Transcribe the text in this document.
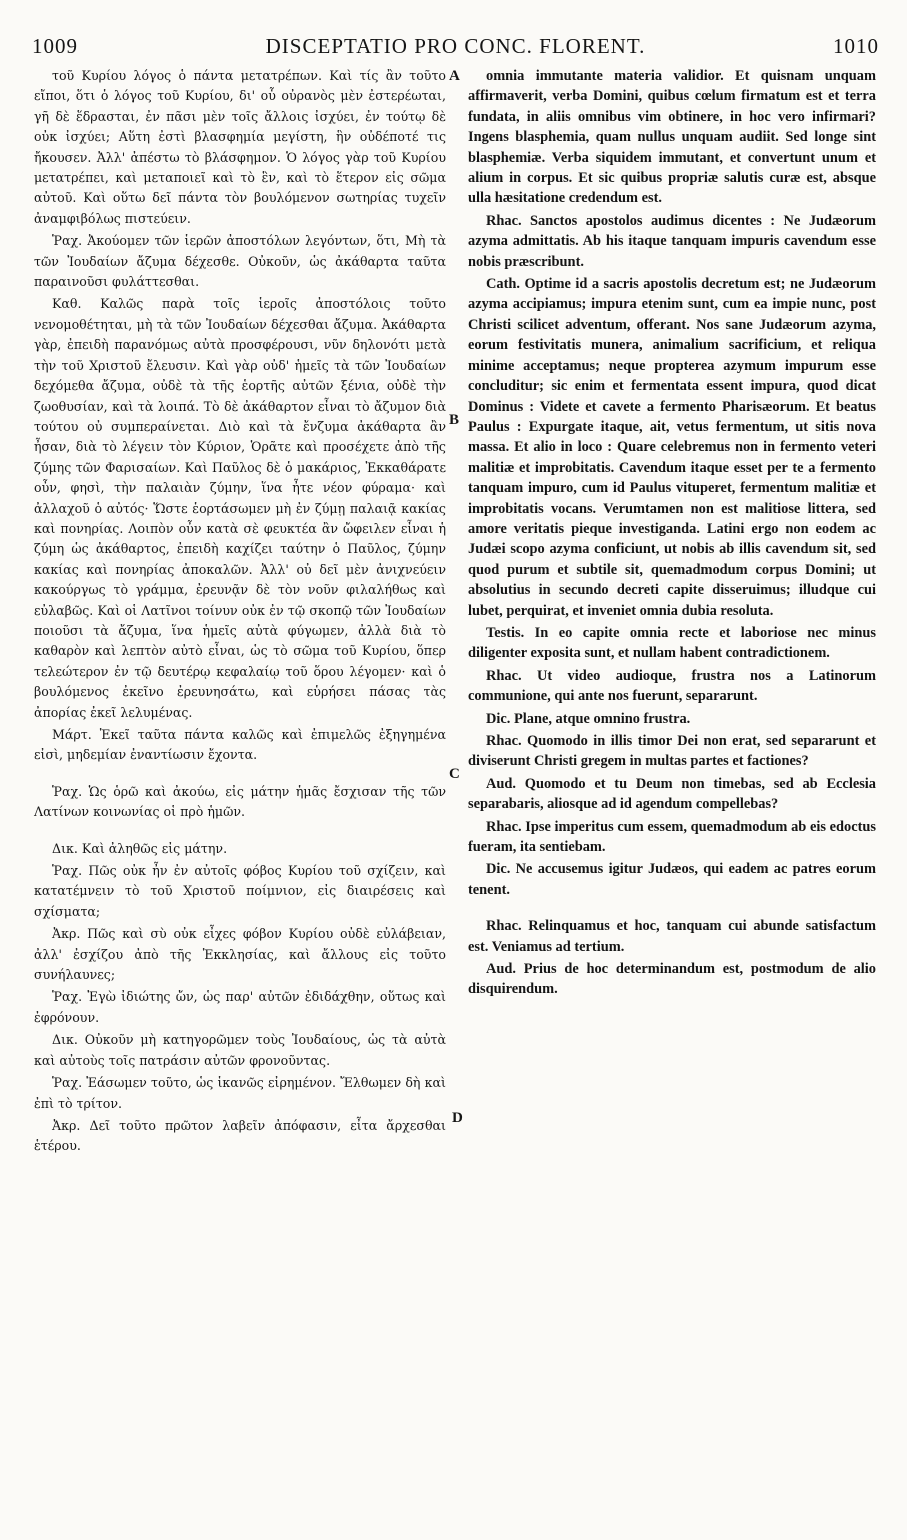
1009	DISCEPTATIO PRO CONC. FLORENT.	1010
A
B
C
D

τοῦ Κυρίου λόγος ὁ πάντα μετατρέπων. Καὶ τίς ἂν τοῦτο εἴποι, ὅτι ὁ λόγος τοῦ Κυρίου, δι' οὗ οὐρανὸς μὲν ἐστερέωται, γῆ δὲ ἕδρασται, ἐν πᾶσι μὲν τοῖς ἄλλοις ἰσχύει, ἐν τούτῳ δὲ οὐκ ἰσχύει; Αὕτη ἐστὶ βλασφημία μεγίστη, ἣν οὐδέποτέ τις ἤκουσεν. Ἀλλ' ἀπέστω τὸ βλάσφημον. Ὁ λόγος γὰρ τοῦ Κυρίου μετατρέπει, καὶ μεταποιεῖ καὶ τὸ ἓν, καὶ τὸ ἕτερον εἰς σῶμα αὐτοῦ. Καὶ οὕτω δεῖ πάντα τὸν βουλόμενον σωτηρίας τυχεῖν ἀναμφιβόλως πιστεύειν.

Ῥαχ. Ἀκούομεν τῶν ἱερῶν ἀποστόλων λεγόντων, ὅτι, Μὴ τὰ τῶν Ἰουδαίων ἄζυμα δέχεσθε. Οὐκοῦν, ὡς ἀκάθαρτα ταῦτα παραινοῦσι φυλάττεσθαι.

Καθ. Καλῶς παρὰ τοῖς ἱεροῖς ἀποστόλοις τοῦτο νενομοθέτηται, μὴ τὰ τῶν Ἰουδαίων δέχεσθαι ἄζυμα. Ἀκάθαρτα γὰρ, ἐπειδὴ παρανόμως αὐτὰ προσφέρουσι, νῦν δηλονότι μετὰ τὴν τοῦ Χριστοῦ ἔλευσιν. Καὶ γὰρ οὐδ' ἡμεῖς τὰ τῶν Ἰουδαίων δεχόμεθα ἄζυμα, οὐδὲ τὰ τῆς ἑορτῆς αὐτῶν ξένια, οὐδὲ τὴν ζωοθυσίαν, καὶ τὰ λοιπά. Τὸ δὲ ἀκάθαρτον εἶναι τὸ ἄζυμον διὰ τούτου οὐ συμπεραίνεται. Διὸ καὶ τὰ ἔνζυμα ἀκάθαρτα ἂν ἦσαν, διὰ τὸ λέγειν τὸν Κύριον, Ὁρᾶτε καὶ προσέχετε ἀπὸ τῆς ζύμης τῶν Φαρισαίων. Καὶ Παῦλος δὲ ὁ μακάριος, Ἐκκαθάρατε οὖν, φησὶ, τὴν παλαιὰν ζύμην, ἵνα ἦτε νέον φύραμα· καὶ ἀλλαχοῦ ὁ αὐτός· Ὥστε ἑορτάσωμεν μὴ ἐν ζύμῃ παλαιᾷ κακίας καὶ πονηρίας. Λοιπὸν οὖν κατὰ σὲ φευκτέα ἂν ὤφειλεν εἶναι ἡ ζύμη ὡς ἀκάθαρτος, ἐπειδὴ καχίζει ταύτην ὁ Παῦλος, ζύμην κακίας καὶ πονηρίας ἀποκαλῶν. Ἀλλ' οὐ δεῖ μὲν ἀνιχνεύειν κακούργως τὸ γράμμα, ἐρευνᾷν δὲ τὸν νοῦν φιλαλήθως καὶ εὐλαβῶς. Καὶ οἱ Λατῖνοι τοίνυν οὐκ ἐν τῷ σκοπῷ τῶν Ἰουδαίων ποιοῦσι τὰ ἄζυμα, ἵνα ἡμεῖς αὐτὰ φύγωμεν, ἀλλὰ διὰ τὸ καθαρὸν καὶ λεπτὸν αὐτὸ εἶναι, ὡς τὸ σῶμα τοῦ Κυρίου, ὅπερ τελεώτερον ἐν τῷ δευτέρῳ κεφαλαίῳ τοῦ ὅρου λέγομεν· καὶ ὁ βουλόμενος ἐκεῖνο ἐρευνησάτω, καὶ εὑρήσει πάσας τὰς ἀπορίας ἐκεῖ λελυμένας.

Μάρτ. Ἐκεῖ ταῦτα πάντα καλῶς καὶ ἐπιμελῶς ἐξηγημένα εἰσὶ, μηδεμίαν ἐναντίωσιν ἔχοντα.

Ῥαχ. Ὡς ὁρῶ καὶ ἀκούω, εἰς μάτην ἡμᾶς ἔσχισαν τῆς τῶν Λατίνων κοινωνίας οἱ πρὸ ἡμῶν.

Δικ. Καὶ ἀληθῶς εἰς μάτην.

Ῥαχ. Πῶς οὐκ ἦν ἐν αὐτοῖς φόβος Κυρίου τοῦ σχίζειν, καὶ κατατέμνειν τὸ τοῦ Χριστοῦ ποίμνιον, εἰς διαιρέσεις καὶ σχίσματα;

Ἀκρ. Πῶς καὶ σὺ οὐκ εἶχες φόβον Κυρίου οὐδὲ εὐλάβειαν, ἀλλ' ἐσχίζου ἀπὸ τῆς Ἐκκλησίας, καὶ ἄλλους εἰς τοῦτο συνήλαυνες;

Ῥαχ. Ἐγὼ ἰδιώτης ὤν, ὡς παρ' αὐτῶν ἐδιδάχθην, οὕτως καὶ ἐφρόνουν.

Δικ. Οὐκοῦν μὴ κατηγορῶμεν τοὺς Ἰουδαίους, ὡς τὰ αὐτὰ καὶ αὐτοὺς τοῖς πατράσιν αὐτῶν φρονοῦντας.

Ῥαχ. Ἐάσωμεν τοῦτο, ὡς ἱκανῶς εἰρημένον. Ἔλθωμεν δὴ καὶ ἐπὶ τὸ τρίτον.

Ἀκρ. Δεῖ τοῦτο πρῶτον λαβεῖν ἀπόφασιν, εἶτα ἄρχεσθαι ἑτέρου.

omnia immutante materia validior. Et quisnam unquam affirmaverit, verba Domini, quibus cœlum firmatum est et terra fundata, in aliis omnibus vim obtinere, in hoc vero infirmari? Ingens blasphemia, quam nullus unquam audiit. Sed longe sint blasphemiæ. Verba siquidem immutant, et convertunt unum et alium in corpus. Et sic quibus propriæ salutis curæ est, absque ulla hæsitatione credendum est.

Rhac. Sanctos apostolos audimus dicentes : Ne Judæorum azyma admittatis. Ab his itaque tanquam impuris cavendum esse nobis præscribunt.

Cath. Optime id a sacris apostolis decretum est; ne Judæorum azyma accipiamus; impura etenim sunt, cum ea impie nunc, post Christi scilicet adventum, offerant. Nos sane Judæorum azyma, eorum festivitatis munera, animalium sacrificium, et reliqua minime acceptamus; neque propterea azymum impurum esse concluditur; sic enim et fermentata essent impura, quod dicat Dominus : Videte et cavete a fermento Pharisæorum. Et beatus Paulus : Expurgate itaque, ait, vetus fermentum, ut sitis nova massa. Et alio in loco : Quare celebremus non in fermento veteri malitiæ et improbitatis. Cavendum itaque esset per te a fermento tanquam impuro, cum id Paulus vituperet, fermentum malitiæ et improbitatis vocans. Verumtamen non est malitiose littera, sed amore veritatis pieque investiganda. Latini ergo non eodem ac Judæi scopo azyma conficiunt, ut nobis ab illis cavendum sit, sed quod purum et subtile sit, quemadmodum corpus Domini; ut absolutius in secundo decreti capite disseruimus; illudque cui lubet, perquirat, et inveniet omnia dubia resoluta.

Testis. In eo capite omnia recte et laboriose nec minus diligenter exposita sunt, et nullam habent contradictionem.

Rhac. Ut video audioque, frustra nos a Latinorum communione, qui ante nos fuerunt, separarunt.

Dic. Plane, atque omnino frustra.

Rhac. Quomodo in illis timor Dei non erat, sed separarunt et diviserunt Christi gregem in multas partes et factiones?

Aud. Quomodo et tu Deum non timebas, sed ab Ecclesia separabaris, aliosque ad id agendum compellebas?

Rhac. Ipse imperitus cum essem, quemadmodum ab eis edoctus fueram, ita sentiebam.

Dic. Ne accusemus igitur Judæos, qui eadem ac patres eorum tenent.

Rhac. Relinquamus et hoc, tanquam cui abunde satisfactum est. Veniamus ad tertium.

Aud. Prius de hoc determinandum est, postmodum de alio disquirendum.
